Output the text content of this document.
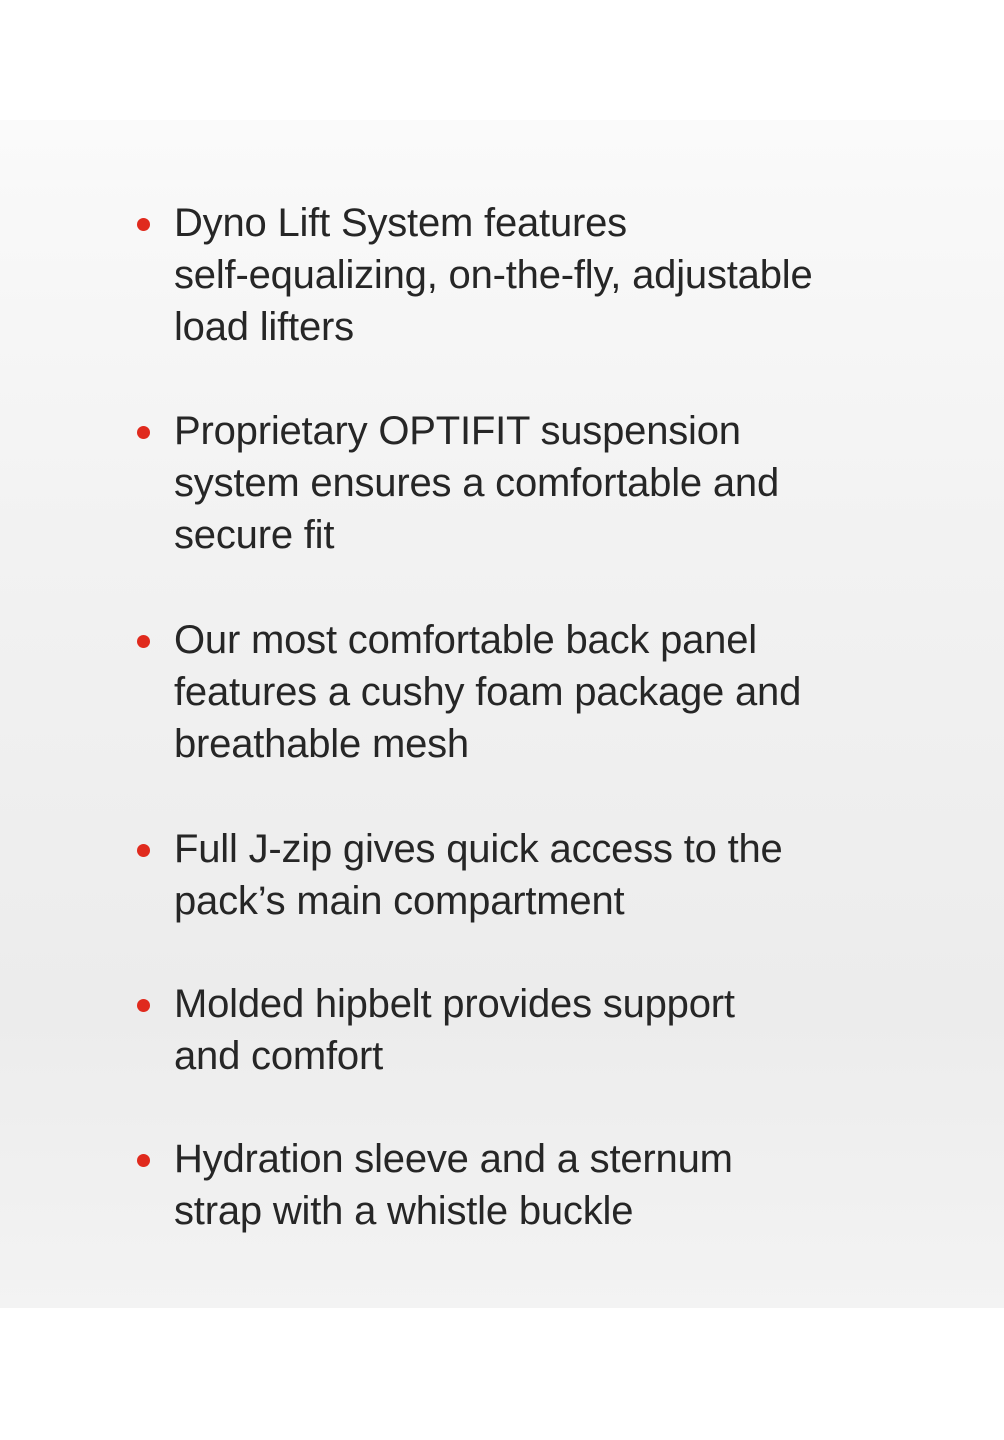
Dyno Lift System features
self-equalizing, on-the-fly, adjustable
load lifters
Proprietary OPTIFIT suspension
system ensures a comfortable and
secure fit
Our most comfortable back panel
features a cushy foam package and
breathable mesh
Full J-zip gives quick access to the
pack’s main compartment
Molded hipbelt provides support
and comfort
Hydration sleeve and a sternum
strap with a whistle buckle
